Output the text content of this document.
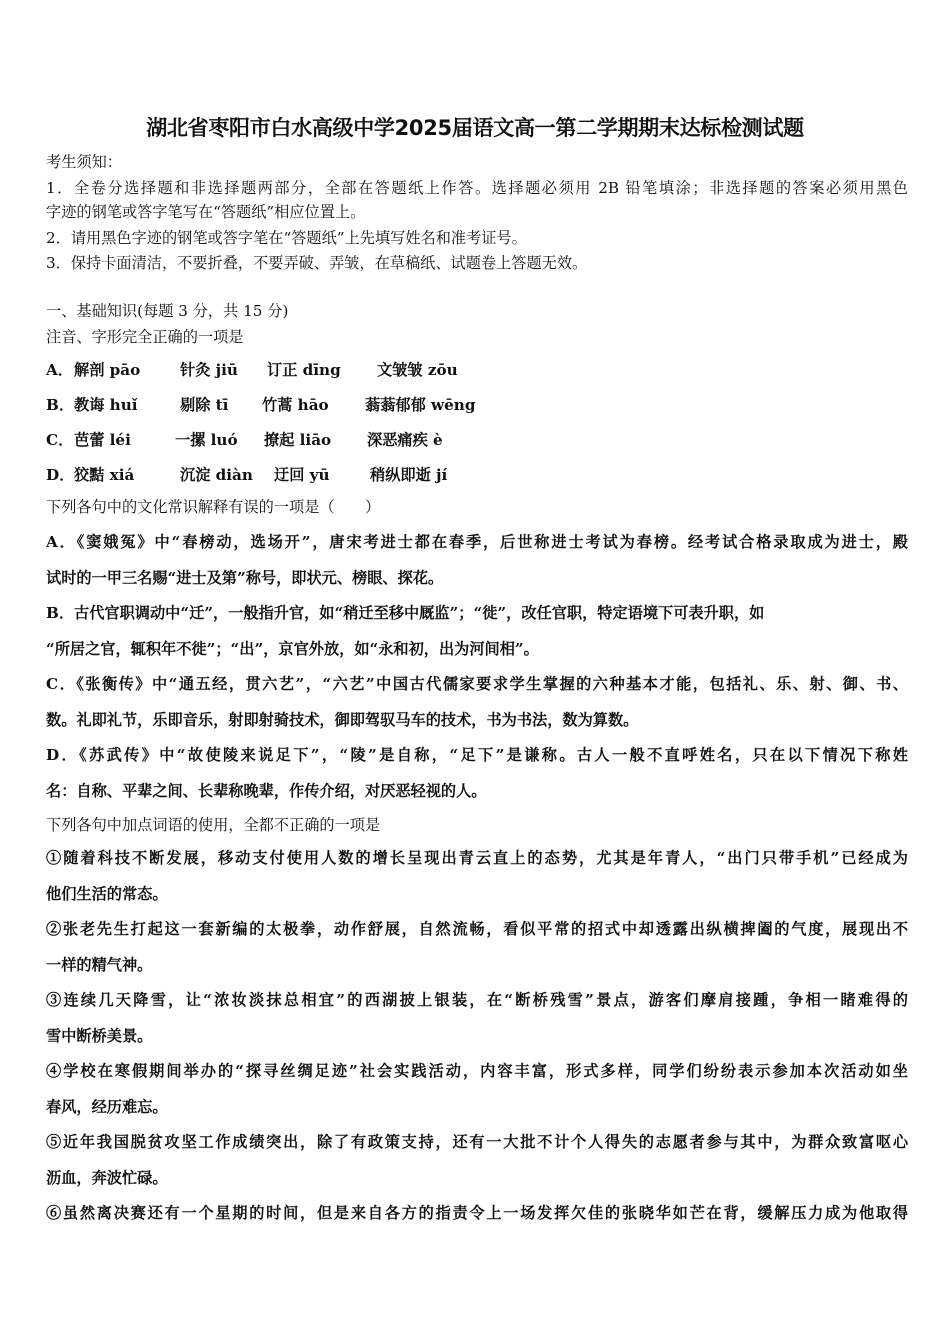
湖北省枣阳市白水高级中学2025届语文高一第二学期期末达标检测试题
考生须知：
1．全卷分选择题和非选择题两部分，全部在答题纸上作答。选择题必须用 2B 铅笔填涂；非选择题的答案必须用黑色
字迹的钢笔或答字笔写在“答题纸”相应位置上。
2．请用黑色字迹的钢笔或答字笔在“答题纸”上先填写姓名和准考证号。
3．保持卡面清洁，不要折叠，不要弄破、弄皱，在草稿纸、试题卷上答题无效。
一、基础知识(每题 3 分，共 15 分)
注音、字形完全正确的一项是
A．解剖 pāo	针灸 jiū 订正 dīng 文皱皱 zōu
B．教诲 huǐ	剔除 tī 竹蒿 hāo 蓊蓊郁郁 wēng
C．芭蕾 léi	一摞 luó 撩起 liāo 深恶痛疾 è
D．狡黠 xiá	沉淀 diàn 迂回 yū	稍纵即逝 jí
下列各句中的文化常识解释有误的一项是（　　）
A．《窦娥冤》中“春榜动，选场开”，唐宋考进士都在春季，后世称进士考试为春榜。经考试合格录取成为进士，殿
试时的一甲三名赐“进士及第”称号，即状元、榜眼、探花。
B．古代官职调动中“迁”，一般指升官，如“稍迁至移中厩监”；“徙”，改任官职，特定语境下可表升职，如
“所居之官，辄积年不徙”；“出”，京官外放，如“永和初，出为河间相”。
C．《张衡传》中“通五经，贯六艺”，“六艺”中国古代儒家要求学生掌握的六种基本才能，包括礼、乐、射、御、书、
数。礼即礼节，乐即音乐，射即射骑技术，御即驾驭马车的技术，书为书法，数为算数。
D．《苏武传》中“故使陵来说足下”，“陵”是自称，“足下”是谦称。古人一般不直呼姓名，只在以下情况下称姓
名：自称、平辈之间、长辈称晚辈，作传介绍，对厌恶轻视的人。
下列各句中加点词语的使用，全都不正确的一项是
①随着科技不断发展，移动支付使用人数的增长呈现出青云直上的态势，尤其是年青人，“出门只带手机”已经成为
他们生活的常态。
②张老先生打起这一套新编的太极拳，动作舒展，自然流畅，看似平常的招式中却透露出纵横捭阖的气度，展现出不
一样的精气神。
③连续几天降雪，让“浓妆淡抹总相宜”的西湖披上银装，在“断桥残雪”景点，游客们摩肩接踵，争相一睹难得的
雪中断桥美景。
④学校在寒假期间举办的“探寻丝绸足迹”社会实践活动，内容丰富，形式多样，同学们纷纷表示参加本次活动如坐
春风，经历难忘。
⑤近年我国脱贫攻坚工作成绩突出，除了有政策支持，还有一大批不计个人得失的志愿者参与其中，为群众致富呕心
沥血，奔波忙碌。
⑥虽然离决赛还有一个星期的时间，但是来自各方的指责令上一场发挥欠佳的张晓华如芒在背，缓解压力成为他取得
